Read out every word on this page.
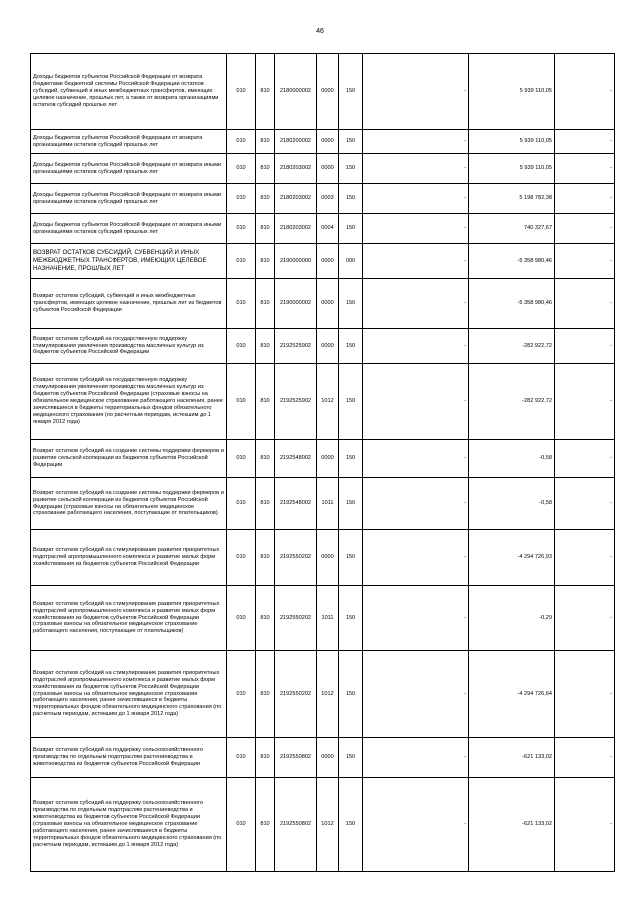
46
Доходы бюджетов субъектов Российской Федерации от возврата бюджетами бюджетной системы Российской Федерации остатков субсидий, субвенций и иных межбюджетных трансфертов, имеющих целевое назначение, прошлых лет, а также от возврата организациями остатков субсидий прошлых лет	010	810	2180000002	0000	150	-	5 939 110,05	-
Доходы бюджетов субъектов Российской Федерации от возврата организациями остатков субсидий прошлых лет	010	810	2180200002	0000	150	-	5 939 110,05	-
Доходы бюджетов субъектов Российской Федерации от возврата иными организациями остатков субсидий прошлых лет	010	810	2180203002	0000	150	-	5 939 110,05	-
Доходы бюджетов субъектов Российской Федерации от возврата иными организациями остатков субсидий прошлых лет	010	810	2180203002	0003	150	-	5 198 782,38	-
Доходы бюджетов субъектов Российской Федерации от возврата иными организациями остатков субсидий прошлых лет	010	810	2180203002	0004	150	-	740 327,67	-
ВОЗВРАТ ОСТАТКОВ СУБСИДИЙ, СУБВЕНЦИЙ И ИНЫХ МЕЖБЮДЖЕТНЫХ ТРАНСФЕРТОВ, ИМЕЮЩИХ ЦЕЛЕВОЕ НАЗНАЧЕНИЕ, ПРОШЛЫХ ЛЕТ	010	810	2190000000	0000	000	-	-5 358 980,46	-
Возврат остатков субсидий, субвенций и иных межбюджетных трансфертов, имеющих целевое назначение, прошлых лет из бюджетов субъектов Российской Федерации	010	810	2190000002	0000	150	-	-5 358 980,46	-
Возврат остатков субсидий на государственную поддержку стимулирования увеличения производства масличных культур из бюджетов субъектов Российской Федерации	010	810	2192525902	0000	150	-	-282 922,72	-
Возврат остатков субсидий на государственную поддержку стимулирования увеличения производства масличных культур из бюджетов субъектов Российской Федерации (страховые взносы на обязательное медицинское страхование работающего населения, ранее зачислявшиеся в бюджеты территориальных фондов обязательного медицинского страхования (по расчетным периодам, истекшим до 1 января 2012 года)	010	810	2192525902	1012	150	-	-282 922,72	-
Возврат остатков субсидий на создание системы поддержки фермеров и развитие сельской кооперации из бюджетов субъектов Российской Федерации	010	810	2192548002	0000	150	-	-0,58	-
Возврат остатков субсидий на создание системы поддержки фермеров и развитие сельской кооперации из бюджетов субъектов Российской Федерации (страховые взносы на обязательное медицинское страхование работающего населения, поступающие от плательщиков)	010	810	2192548002	1011	150	-	-0,58	-
Возврат остатков субсидий на стимулирование развития приоритетных подотраслей агропромышленного комплекса и развитие малых форм хозяйствования из бюджетов субъектов Российской Федерации	010	810	2192550202	0000	150	-	-4 294 726,93	-
Возврат остатков субсидий на стимулирование развития приоритетных подотраслей агропромышленного комплекса и развитие малых форм хозяйствования из бюджетов субъектов Российской Федерации (страховые взносы на обязательное медицинское страхование работающего населения, поступающие от плательщиков)	010	810	2192550202	1011	150	-	-0,29	-
Возврат остатков субсидий на стимулирование развития приоритетных подотраслей агропромышленного комплекса и развитие малых форм хозяйствования из бюджетов субъектов Российской Федерации (страховые взносы на обязательное медицинское страхование работающего населения, ранее зачислявшиеся в бюджеты территориальных фондов обязательного медицинского страхования (по расчетным периодам, истекшим до 1 января 2012 года)	010	810	2192550202	1012	150	-	-4 294 726,64	-
Возврат остатков субсидий на поддержку сельскохозяйственного производства по отдельным подотраслям растениеводства и животноводства из бюджетов субъектов Российской Федерации	010	810	2192550802	0000	150	-	-621 133,02	-
Возврат остатков субсидий на поддержку сельскохозяйственного производства по отдельным подотраслям растениеводства и животноводства из бюджетов субъектов Российской Федерации (страховые взносы на обязательное медицинское страхование работающего населения, ранее зачислявшиеся в бюджеты территориальных фондов обязательного медицинского страхования (по расчетным периодам, истекшим до 1 января 2012 года)	010	810	2192550802	1012	150	-	-621 133,02	-
